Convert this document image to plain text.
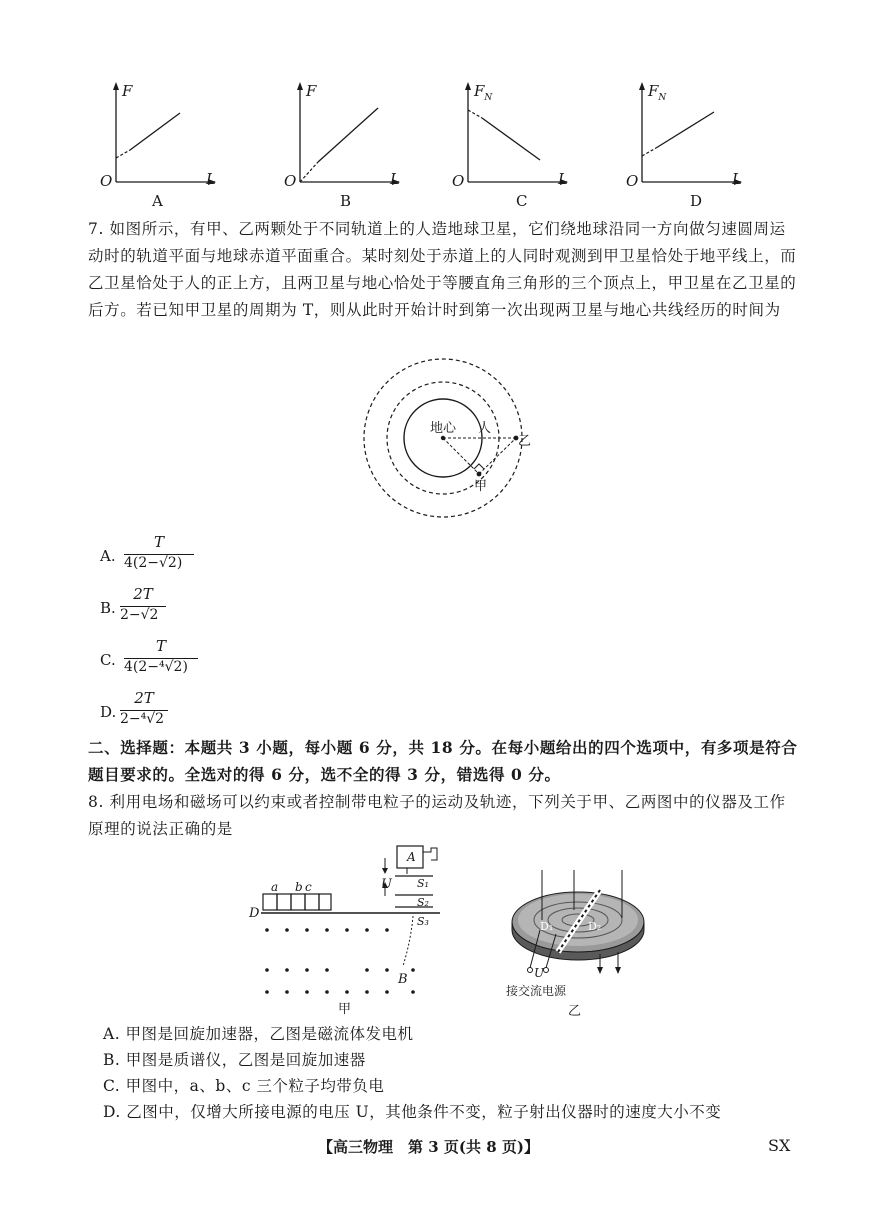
F
O	L
A
F
O	L
B
$F_N$
O	L
C
$F_N$
O	L
D
7. 如图所示，有甲、乙两颗处于不同轨道上的人造地球卫星，它们绕地球沿同一方向做匀速圆周运动时的轨道平面与地球赤道平面重合。某时刻处于赤道上的人同时观测到甲卫星恰处于地平线上，而乙卫星恰处于人的正上方，且两卫星与地心恰处于等腰直角三角形的三个顶点上，甲卫星在乙卫星的后方。若已知甲卫星的周期为 T，则从此时开始计时到第一次出现两卫星与地心共线经历的时间为
地心 人
乙
甲
A.
T
4(2−√2)
B.
2T
2−√2
C.
T
4(2−⁴√2)
D.
2T
2−⁴√2
二、选择题：本题共 3 小题，每小题 6 分，共 18 分。在每小题给出的四个选项中，有多项是符合题目要求的。全选对的得 6 分，选不全的得 3 分，错选得 0 分。
8. 利用电场和磁场可以约束或者控制带电粒子的运动及轨迹，下列关于甲、乙两图中的仪器及工作原理的说法正确的是
A
U S₁
S₂
S₃
a b c
D
B
甲
D₁	D₂
U
接交流电源
乙
A. 甲图是回旋加速器，乙图是磁流体发电机
B. 甲图是质谱仪，乙图是回旋加速器
C. 甲图中，a、b、c 三个粒子均带负电
D. 乙图中，仅增大所接电源的电压 U，其他条件不变，粒子射出仪器时的速度大小不变
【高三物理　第 3 页(共 8 页)】	SX
